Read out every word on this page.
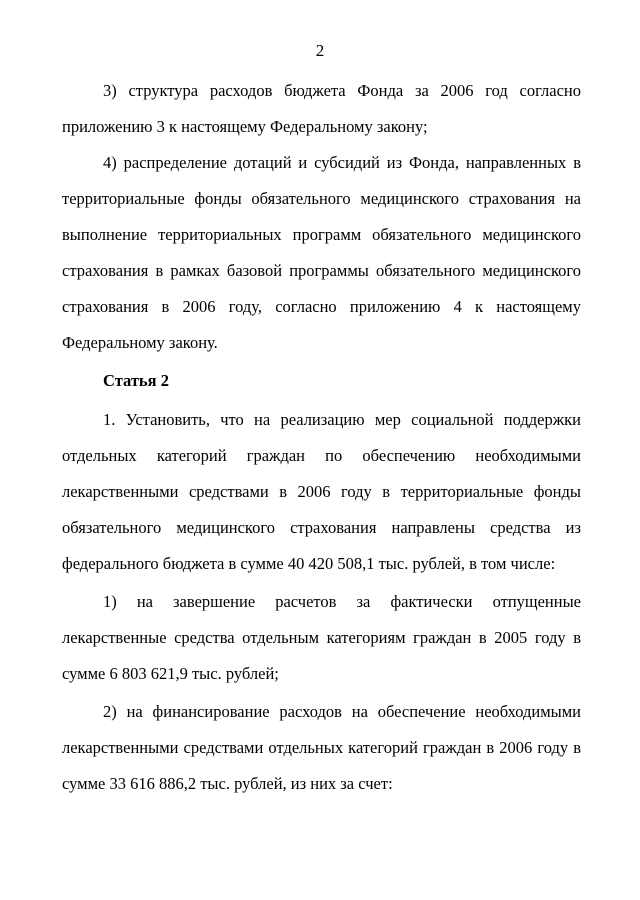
2
3) структура расходов бюджета Фонда за 2006 год согласно
приложению 3 к настоящему Федеральному закону;
4) распределение дотаций и субсидий из Фонда, направленных в
территориальные фонды обязательного медицинского страхования на
выполнение территориальных программ обязательного медицинского
страхования в рамках базовой программы обязательного медицинского
страхования в 2006 году, согласно приложению 4 к настоящему
Федеральному закону.
Статья 2
1. Установить, что на реализацию мер социальной поддержки
отдельных категорий граждан по обеспечению необходимыми
лекарственными средствами в 2006 году в территориальные фонды
обязательного медицинского страхования направлены средства из
федерального бюджета в сумме 40 420 508,1 тыс. рублей, в том числе:
1) на завершение расчетов за фактически отпущенные
лекарственные средства отдельным категориям граждан в 2005 году в
сумме 6 803 621,9 тыс. рублей;
2) на финансирование расходов на обеспечение необходимыми
лекарственными средствами отдельных категорий граждан в 2006 году в
сумме 33 616 886,2 тыс. рублей, из них за счет:
